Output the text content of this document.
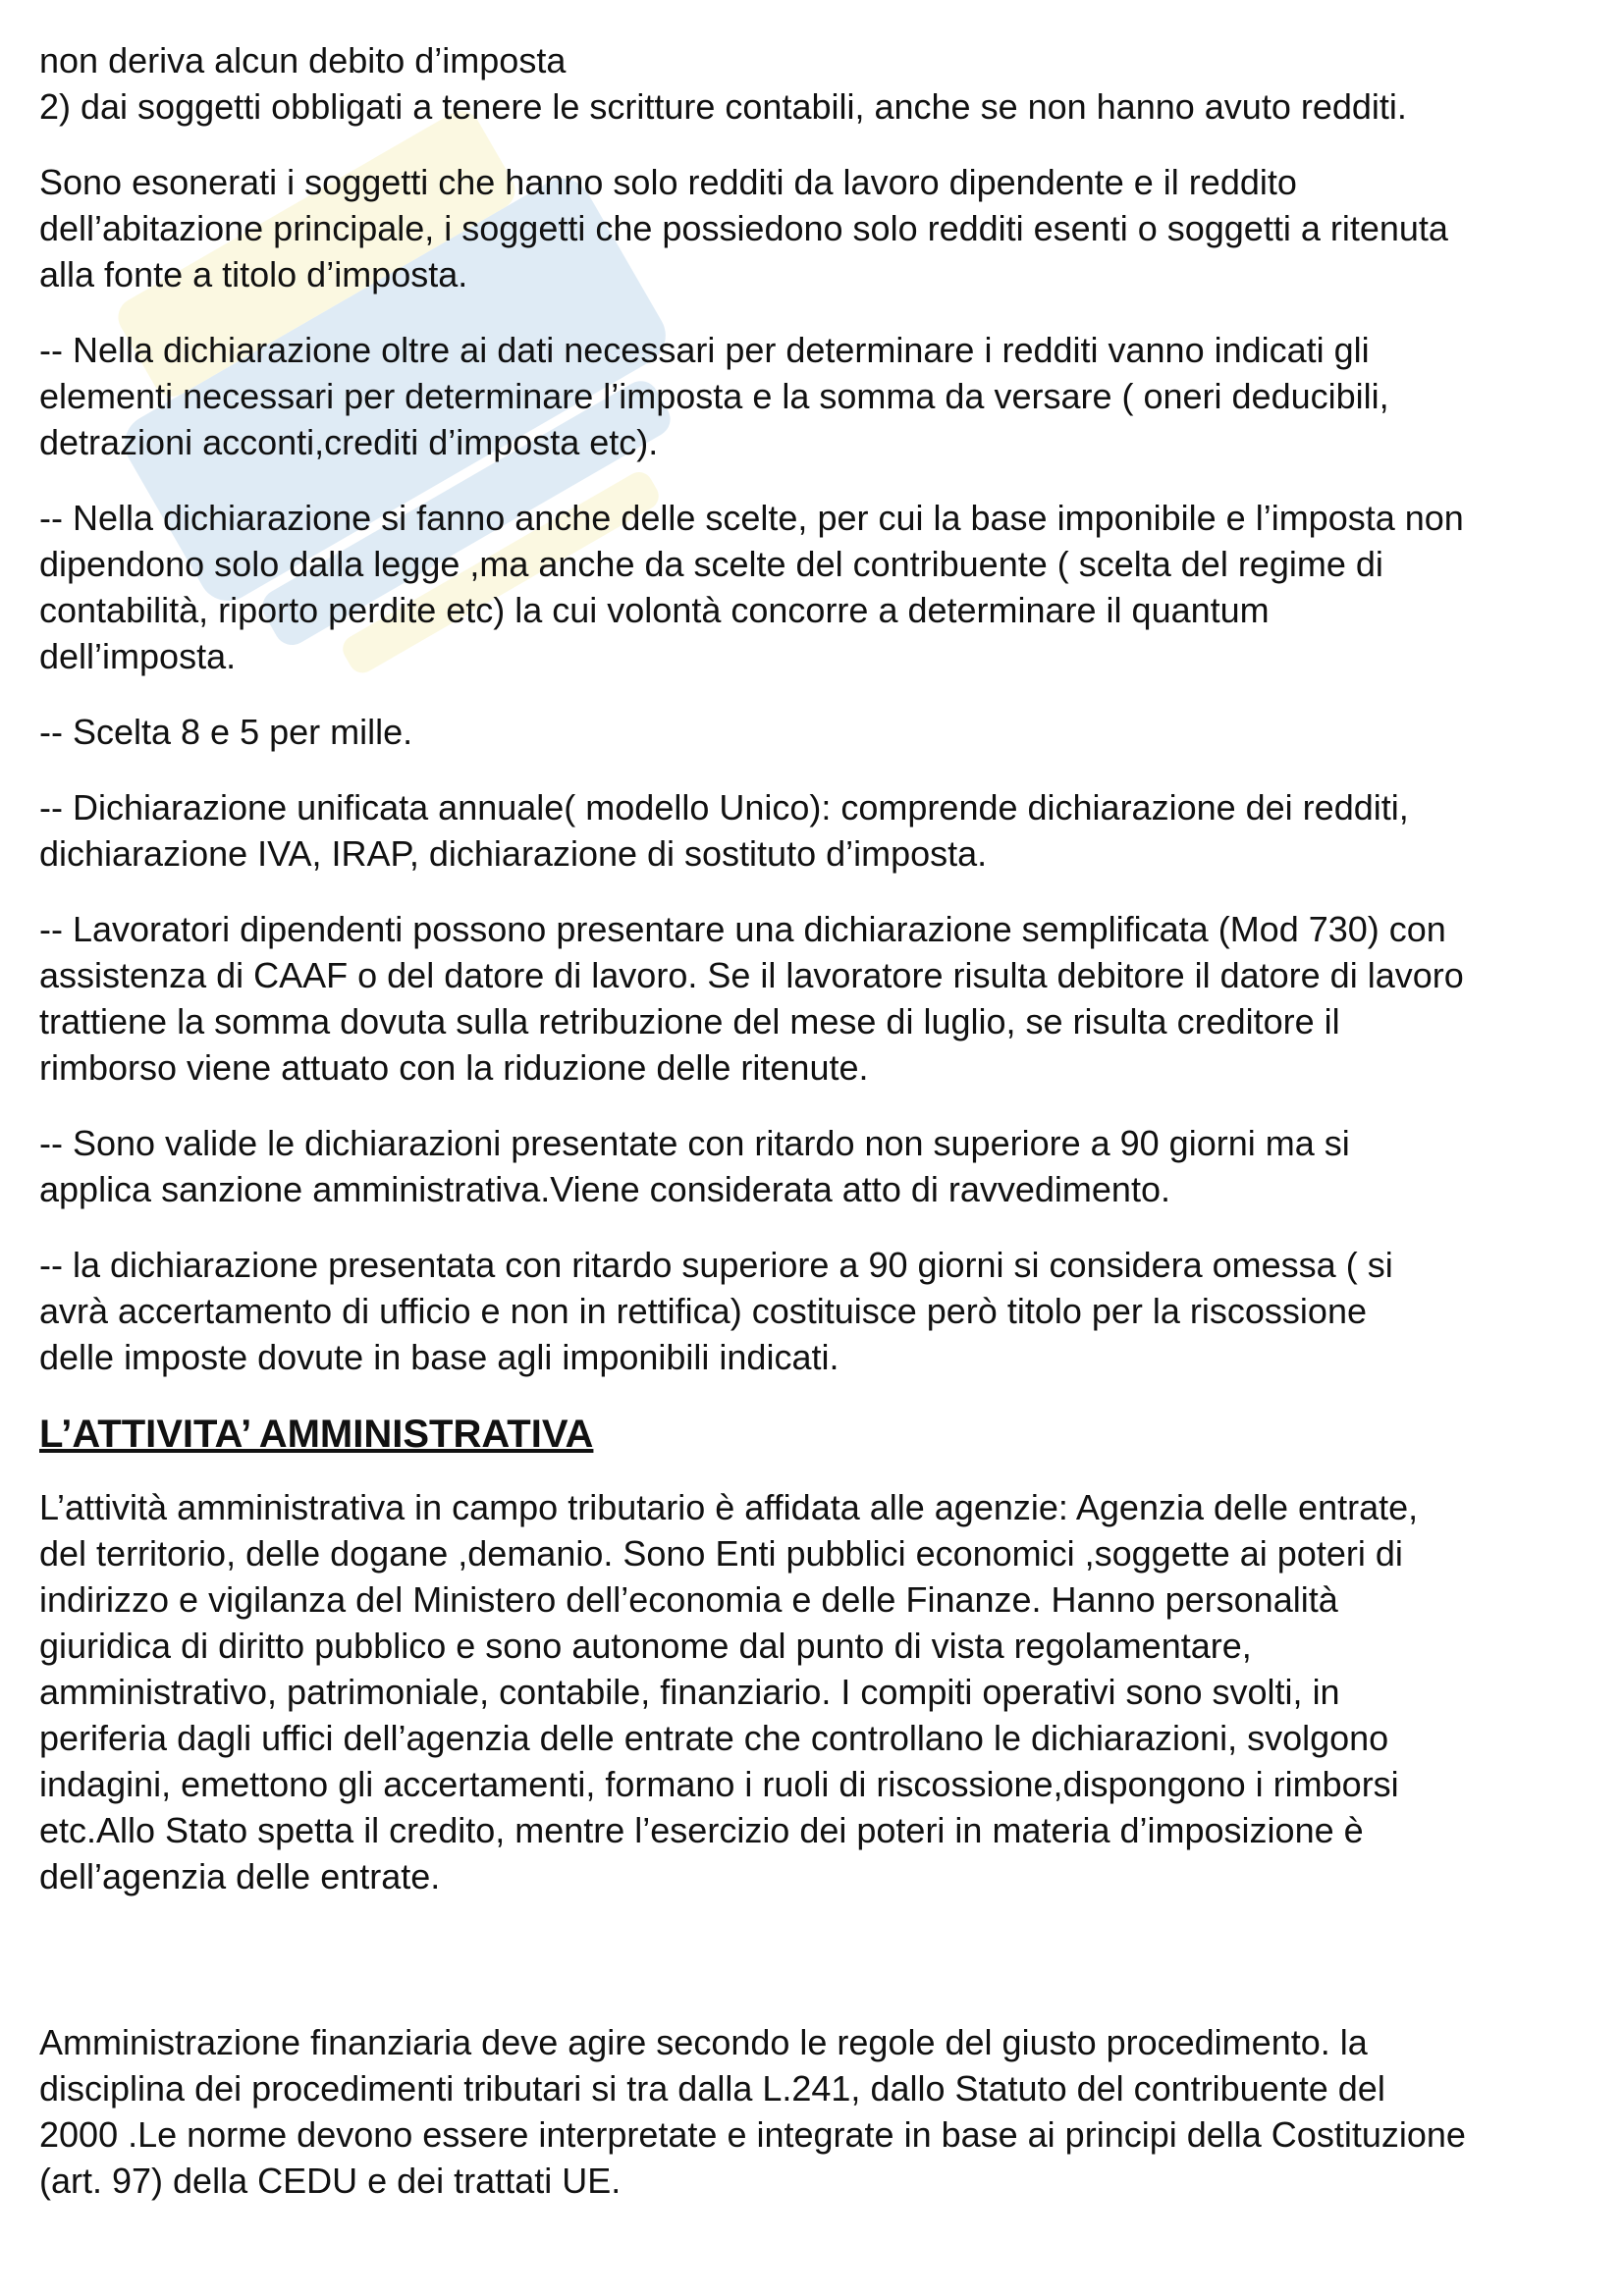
non deriva alcun debito d’imposta

2) dai soggetti obbligati a tenere le scritture contabili, anche se non hanno avuto redditi.

Sono esonerati i soggetti che hanno solo redditi da lavoro dipendente e il reddito
dell’abitazione principale, i soggetti che possiedono solo redditi esenti o soggetti a ritenuta
alla fonte a titolo d’imposta.

-- Nella dichiarazione oltre ai dati necessari per determinare i redditi vanno indicati gli
elementi necessari per determinare l’imposta e la somma da versare ( oneri deducibili,
detrazioni acconti,crediti d’imposta etc).

-- Nella dichiarazione si fanno anche delle scelte, per cui la base imponibile e l’imposta non
dipendono solo dalla legge ,ma anche da scelte del contribuente ( scelta del regime di
contabilità, riporto perdite etc) la cui volontà concorre a determinare il quantum
dell’imposta.

-- Scelta 8 e 5 per mille.

-- Dichiarazione unificata annuale( modello Unico): comprende dichiarazione dei redditi,
dichiarazione IVA, IRAP, dichiarazione di sostituto d’imposta.

-- Lavoratori dipendenti possono presentare una dichiarazione semplificata (Mod 730) con
assistenza di CAAF o del datore di lavoro. Se il lavoratore risulta debitore il datore di lavoro
trattiene la somma dovuta sulla retribuzione del mese di luglio, se risulta creditore il
rimborso viene attuato con la riduzione delle ritenute.

-- Sono valide le dichiarazioni presentate con ritardo non superiore a 90 giorni ma si
applica sanzione amministrativa.Viene considerata atto di ravvedimento.

-- la dichiarazione presentata con ritardo superiore a 90 giorni si considera omessa ( si
avrà accertamento di ufficio e non in rettifica) costituisce però titolo per la riscossione
delle imposte dovute in base agli imponibili indicati.

L’ATTIVITA’ AMMINISTRATIVA

L’attività amministrativa in campo tributario è affidata alle agenzie: Agenzia delle entrate,
del territorio, delle dogane ,demanio. Sono Enti pubblici economici ,soggette ai poteri di
indirizzo e vigilanza del Ministero dell’economia e delle Finanze. Hanno personalità
giuridica di diritto pubblico e sono autonome dal punto di vista regolamentare,
amministrativo, patrimoniale, contabile, finanziario. I compiti operativi sono svolti, in
periferia dagli uffici dell’agenzia delle entrate che controllano le dichiarazioni, svolgono
indagini, emettono gli accertamenti, formano i ruoli di riscossione,dispongono i rimborsi
etc.Allo Stato spetta il credito, mentre l’esercizio dei poteri in materia d’imposizione è
dell’agenzia delle entrate.

Amministrazione finanziaria deve agire secondo le regole del giusto procedimento. la
disciplina dei procedimenti tributari si tra dalla L.241, dallo Statuto del contribuente del
2000 .Le norme devono essere interpretate e integrate in base ai principi della Costituzione
(art. 97) della CEDU e dei trattati UE.
